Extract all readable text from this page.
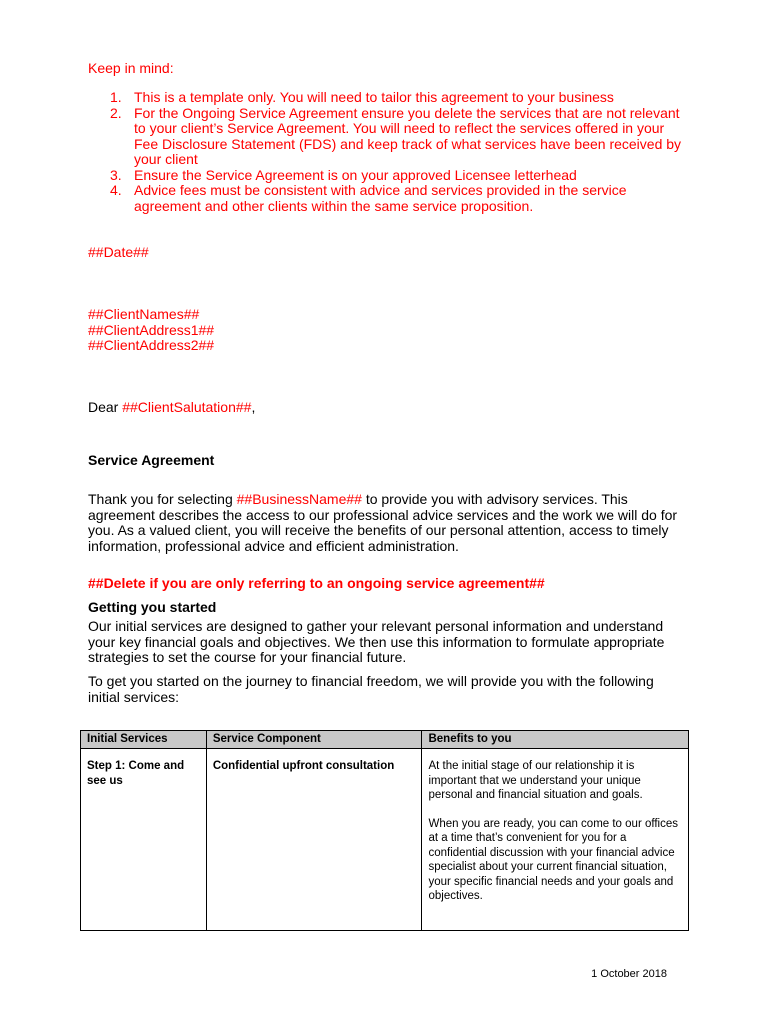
Keep in mind:
1. This is a template only. You will need to tailor this agreement to your business
2. For the Ongoing Service Agreement ensure you delete the services that are not relevant to your client’s Service Agreement. You will need to reflect the services offered in your Fee Disclosure Statement (FDS) and keep track of what services have been received by your client
3. Ensure the Service Agreement is on your approved Licensee letterhead
4. Advice fees must be consistent with advice and services provided in the service agreement and other clients within the same service proposition.
##Date##
##ClientNames##
##ClientAddress1##
##ClientAddress2##
Dear ##ClientSalutation##,
Service Agreement
Thank you for selecting ##BusinessName## to provide you with advisory services. This agreement describes the access to our professional advice services and the work we will do for you. As a valued client, you will receive the benefits of our personal attention, access to timely information, professional advice and efficient administration.
##Delete if you are only referring to an ongoing service agreement##
Getting you started
Our initial services are designed to gather your relevant personal information and understand your key financial goals and objectives. We then use this information to formulate appropriate strategies to set the course for your financial future.
To get you started on the journey to financial freedom, we will provide you with the following initial services:
Initial Services	Service Component	Benefits to you
Step 1: Come and see us	Confidential upfront consultation	At the initial stage of our relationship it is important that we understand your unique personal and financial situation and goals.
When you are ready, you can come to our offices at a time that’s convenient for you for a confidential discussion with your financial advice specialist about your current financial situation, your specific financial needs and your goals and objectives.
1 October 2018
